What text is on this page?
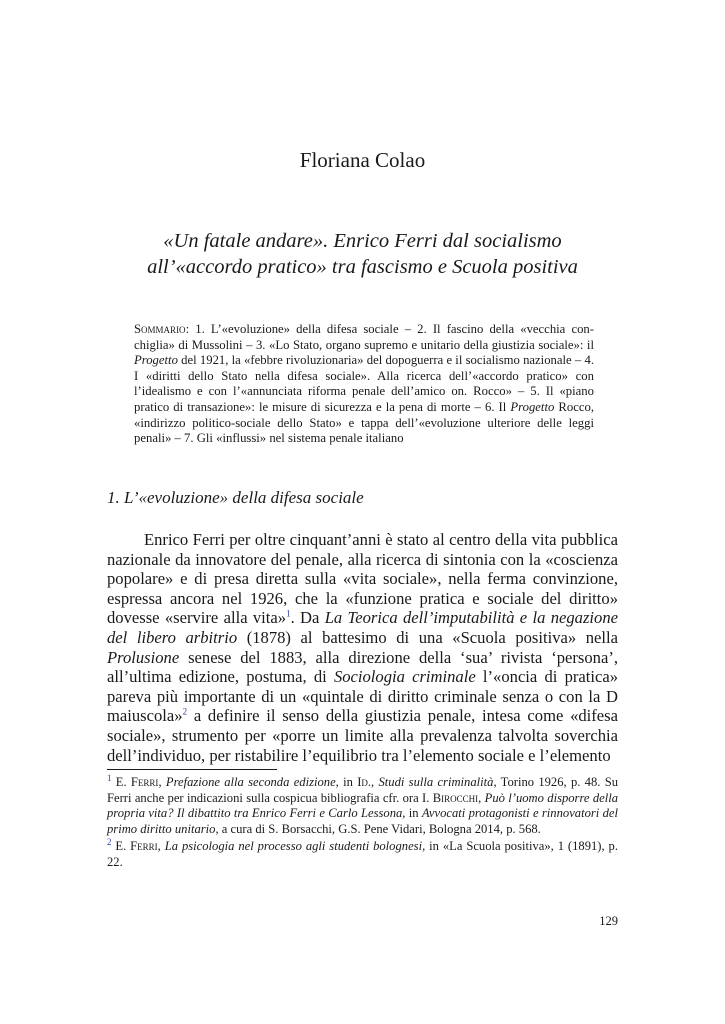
Floriana Colao
«Un fatale andare». Enrico Ferri dal socialismo
all’«accordo pratico» tra fascismo e Scuola positiva
Sommario: 1. L’«evoluzione» della difesa sociale – 2. Il fascino della «vecchia conchiglia» di Mussolini – 3. «Lo Stato, organo supremo e unitario della giustizia sociale»: il Progetto del 1921, la «febbre rivoluzionaria» del dopoguerra e il socialismo nazionale – 4. I «diritti dello Stato nella difesa sociale». Alla ricerca dell’«accordo pratico» con l’idealismo e con l’«annunciata riforma penale dell’amico on. Rocco» – 5. Il «piano pratico di transazione»: le misure di sicurezza e la pena di morte – 6. Il Progetto Rocco, «indirizzo politico-sociale dello Stato» e tappa dell’«evoluzione ulteriore delle leggi penali» – 7. Gli «influssi» nel sistema penale italiano
1. L’«evoluzione» della difesa sociale
Enrico Ferri per oltre cinquant’anni è stato al centro della vita pubblica nazionale da innovatore del penale, alla ricerca di sintonia con la «coscienza popolare» e di presa diretta sulla «vita sociale», nella ferma convinzione, espressa ancora nel 1926, che la «funzione pratica e sociale del diritto» dovesse «servire alla vita»$^1$. Da La Teorica dell’imputabilità e la negazione del libero arbitrio (1878) al battesimo di una «Scuola positiva» nella Prolusione senese del 1883, alla direzione della ‘sua’ rivista ‘persona’, all’ultima edizione, postuma, di Sociologia criminale l’«oncia di pratica» pareva più importante di un «quintale di diritto criminale senza o con la D maiuscola»$^2$ a definire il senso della giustizia penale, intesa come «difesa sociale», strumento per «porre un limite alla prevalenza talvolta soverchia dell’individuo, per ristabilire l’equilibrio tra l’elemento sociale e l’elemento
$^1$ E. Ferri, Prefazione alla seconda edizione, in Id., Studi sulla criminalità, Torino 1926, p. 48. Su Ferri anche per indicazioni sulla cospicua bibliografia cfr. ora I. Birocchi, Può l’uomo disporre della propria vita? Il dibattito tra Enrico Ferri e Carlo Lessona, in Avvocati protagonisti e rinnovatori del primo diritto unitario, a cura di S. Borsacchi, G.S. Pene Vidari, Bologna 2014, p. 568.
$^2$ E. Ferri, La psicologia nel processo agli studenti bolognesi, in «La Scuola positiva», 1 (1891), p. 22.
129
